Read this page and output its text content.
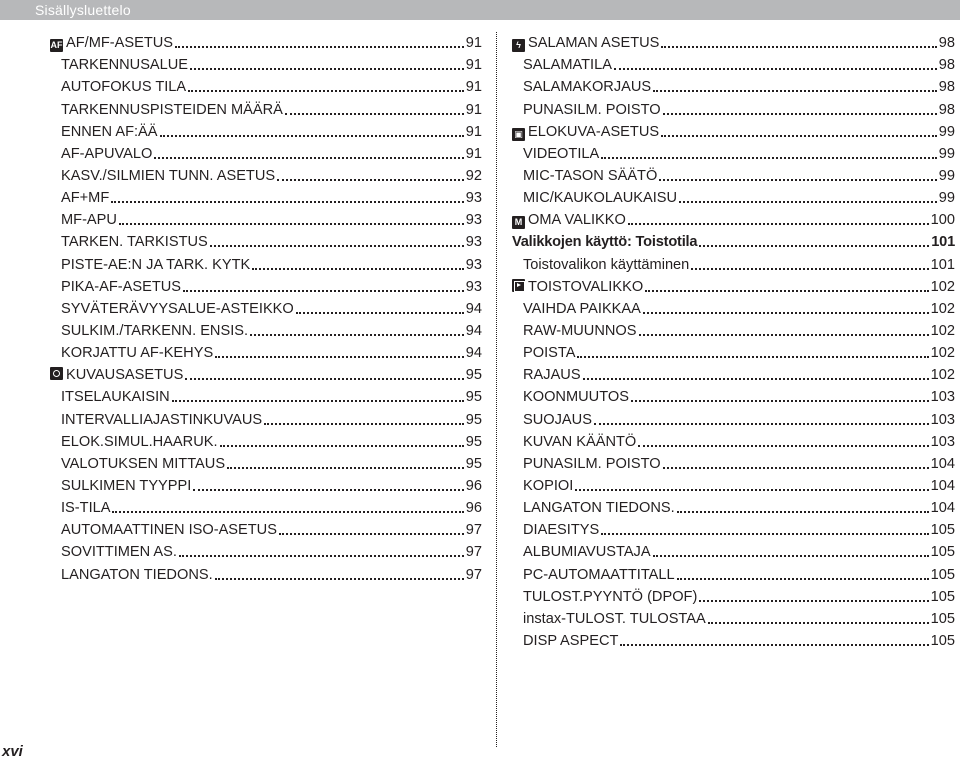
Sisällysluettelo
AF AF/MF-ASETUS	91
TARKENNUSALUE	91
AUTOFOKUS TILA	91
TARKENNUSPISTEIDEN MÄÄRÄ	91
ENNEN AF:ÄÄ	91
AF-APUVALO	91
KASV./SILMIEN TUNN. ASETUS	92
AF+MF	93
MF-APU	93
TARKEN. TARKISTUS	93
PISTE-AE:N JA TARK. KYTK	93
PIKA-AF-ASETUS	93
SYVÄTERÄVYYSALUE-ASTEIKKO	94
SULKIM./TARKENN. ENSIS.	94
KORJATTU AF-KEHYS	94
KUVAUSASETUS	95
ITSELAUKAISIN	95
INTERVALLIAJASTINKUVAUS	95
ELOK.SIMUL.HAARUK.	95
VALOTUKSEN MITTAUS	95
SULKIMEN TYYPPI	96
IS-TILA	96
AUTOMAATTINEN ISO-ASETUS	97
SOVITTIMEN AS.	97
LANGATON TIEDONS.	97
ϟ SALAMAN ASETUS	98
SALAMATILA	98
SALAMAKORJAUS	98
PUNASILM. POISTO	98
▣ ELOKUVA-ASETUS	99
VIDEOTILA	99
MIC-TASON SÄÄTÖ	99
MIC/KAUKOLAUKAISU	99
M OMA VALIKKO	100
Valikkojen käyttö: Toistotila	101
Toistovalikon käyttäminen	101
TOISTOVALIKKO	102
VAIHDA PAIKKAA	102
RAW-MUUNNOS	102
POISTA	102
RAJAUS	102
KOONMUUTOS	103
SUOJAUS	103
KUVAN KÄÄNTÖ	103
PUNASILM. POISTO	104
KOPIOI	104
LANGATON TIEDONS.	104
DIAESITYS	105
ALBUMIAVUSTAJA	105
PC-AUTOMAATTITALL	105
TULOST.PYYNTÖ (DPOF)	105
instax-TULOST. TULOSTAA	105
DISP ASPECT	105
xvi
